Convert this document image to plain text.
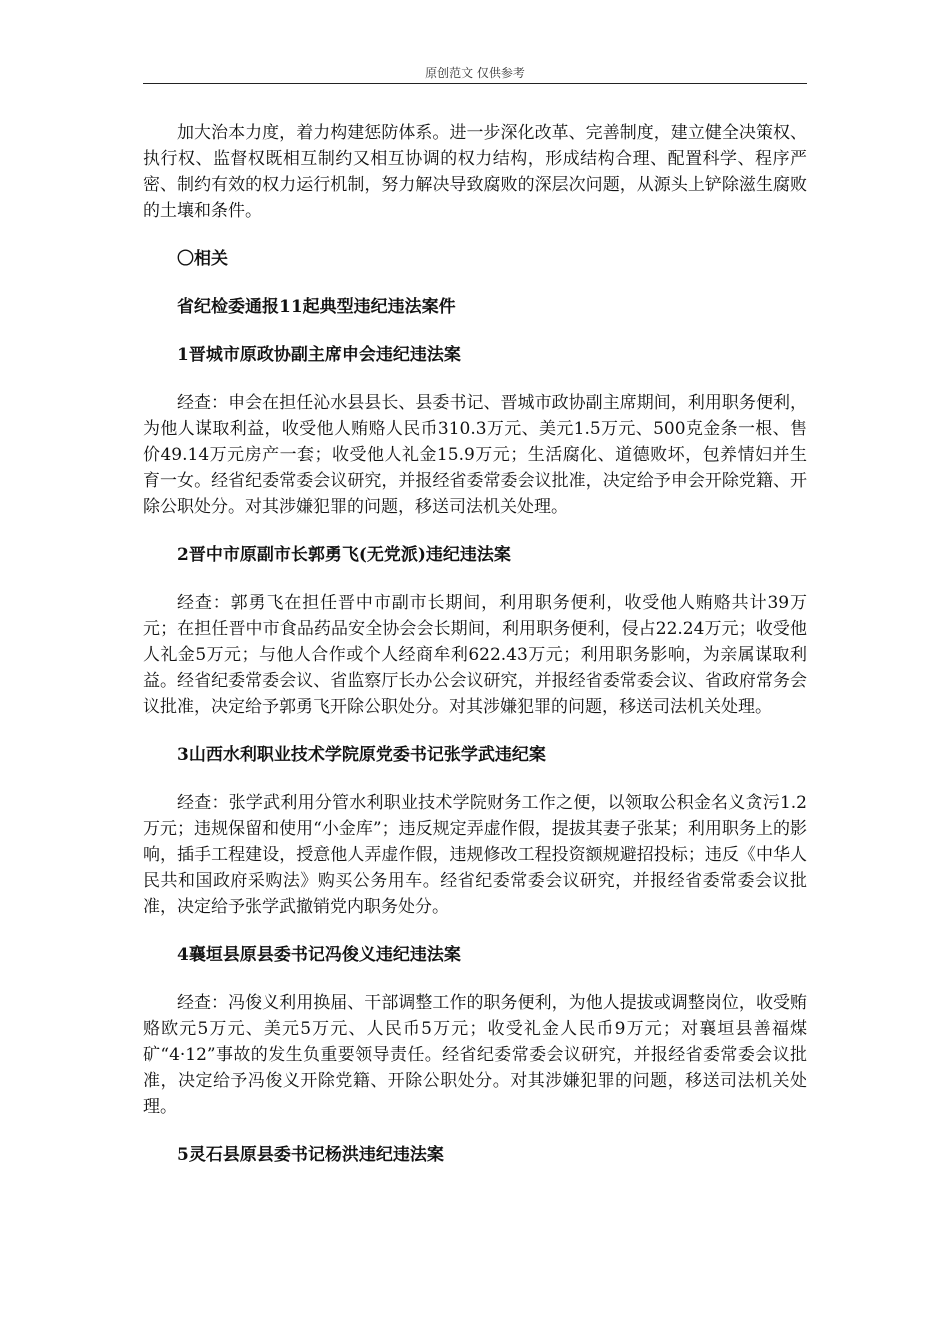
原创范文 仅供参考

加大治本力度，着力构建惩防体系。进一步深化改革、完善制度，建立健全决策权、执行权、监督权既相互制约又相互协调的权力结构，形成结构合理、配置科学、程序严密、制约有效的权力运行机制，努力解决导致腐败的深层次问题，从源头上铲除滋生腐败的土壤和条件。

〇相关

省纪检委通报11起典型违纪违法案件

1晋城市原政协副主席申会违纪违法案

经查：申会在担任沁水县县长、县委书记、晋城市政协副主席期间，利用职务便利，为他人谋取利益，收受他人贿赂人民币310.3万元、美元1.5万元、500克金条一根、售价49.14万元房产一套；收受他人礼金15.9万元；生活腐化、道德败坏，包养情妇并生育一女。经省纪委常委会议研究，并报经省委常委会议批准，决定给予申会开除党籍、开除公职处分。对其涉嫌犯罪的问题，移送司法机关处理。

2晋中市原副市长郭勇飞(无党派)违纪违法案

经查：郭勇飞在担任晋中市副市长期间，利用职务便利，收受他人贿赂共计39万元；在担任晋中市食品药品安全协会会长期间，利用职务便利，侵占22.24万元；收受他人礼金5万元；与他人合作或个人经商牟利622.43万元；利用职务影响，为亲属谋取利益。经省纪委常委会议、省监察厅长办公会议研究，并报经省委常委会议、省政府常务会议批准，决定给予郭勇飞开除公职处分。对其涉嫌犯罪的问题，移送司法机关处理。

3山西水利职业技术学院原党委书记张学武违纪案

经查：张学武利用分管水利职业技术学院财务工作之便，以领取公积金名义贪污1.2万元；违规保留和使用“小金库”；违反规定弄虚作假，提拔其妻子张某；利用职务上的影响，插手工程建设，授意他人弄虚作假，违规修改工程投资额规避招投标；违反《中华人民共和国政府采购法》购买公务用车。经省纪委常委会议研究，并报经省委常委会议批准，决定给予张学武撤销党内职务处分。

4襄垣县原县委书记冯俊义违纪违法案

经查：冯俊义利用换届、干部调整工作的职务便利，为他人提拔或调整岗位，收受贿赂欧元5万元、美元5万元、人民币5万元；收受礼金人民币9万元；对襄垣县善福煤矿“4·12”事故的发生负重要领导责任。经省纪委常委会议研究，并报经省委常委会议批准，决定给予冯俊义开除党籍、开除公职处分。对其涉嫌犯罪的问题，移送司法机关处理。

5灵石县原县委书记杨洪违纪违法案
